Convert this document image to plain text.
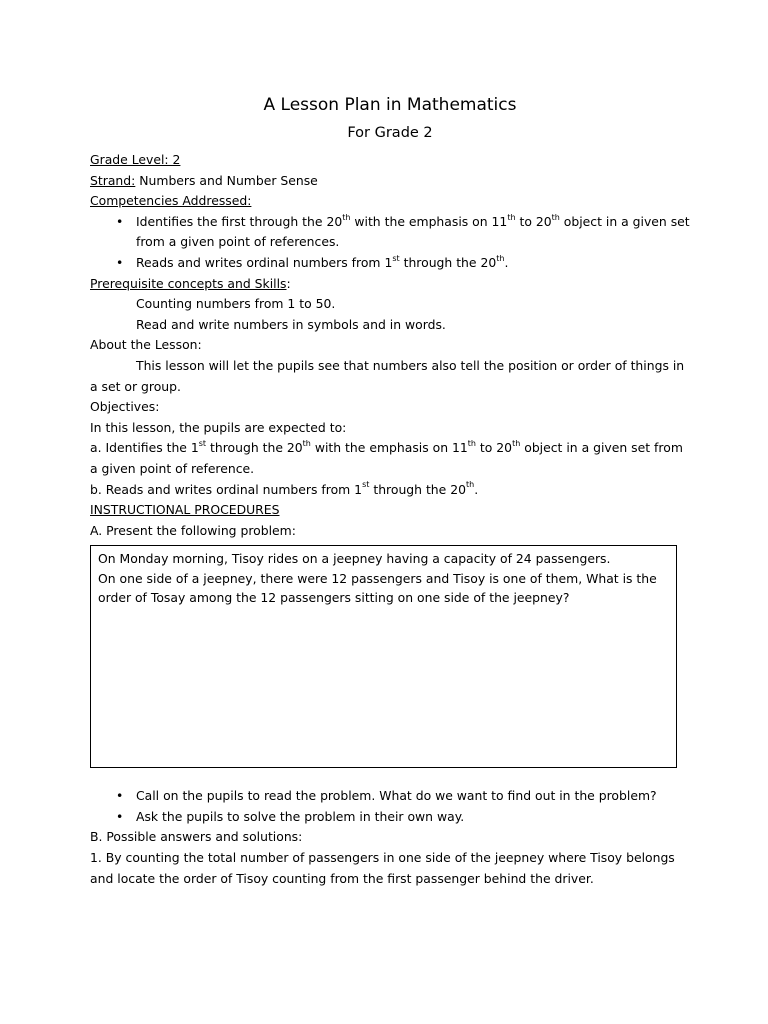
A Lesson Plan in Mathematics
For Grade 2
Grade Level: 2
Strand: Numbers and Number Sense
Competencies Addressed:
• Identifies the first through the 20th with the emphasis on 11th to 20th object in a given set from a given point of references.
• Reads and writes ordinal numbers from 1st through the 20th.
Prerequisite concepts and Skills:
Counting numbers from 1 to 50.
Read and write numbers in symbols and in words.
About the Lesson:
This lesson will let the pupils see that numbers also tell the position or order of things in a set or group.
Objectives:
In this lesson, the pupils are expected to:
a. Identifies the 1st through the 20th with the emphasis on 11th to 20th object in a given set from a given point of reference.
b. Reads and writes ordinal numbers from 1st through the 20th.
INSTRUCTIONAL PROCEDURES
A. Present the following problem:
On Monday morning, Tisoy rides on a jeepney having a capacity of 24 passengers.
On one side of a jeepney, there were 12 passengers and Tisoy is one of them, What is the order of Tosay among the 12 passengers sitting on one side of the jeepney?
• Call on the pupils to read the problem. What do we want to find out in the problem?
• Ask the pupils to solve the problem in their own way.
B. Possible answers and solutions:
1. By counting the total number of passengers in one side of the jeepney where Tisoy belongs and locate the order of Tisoy counting from the first passenger behind the driver.
